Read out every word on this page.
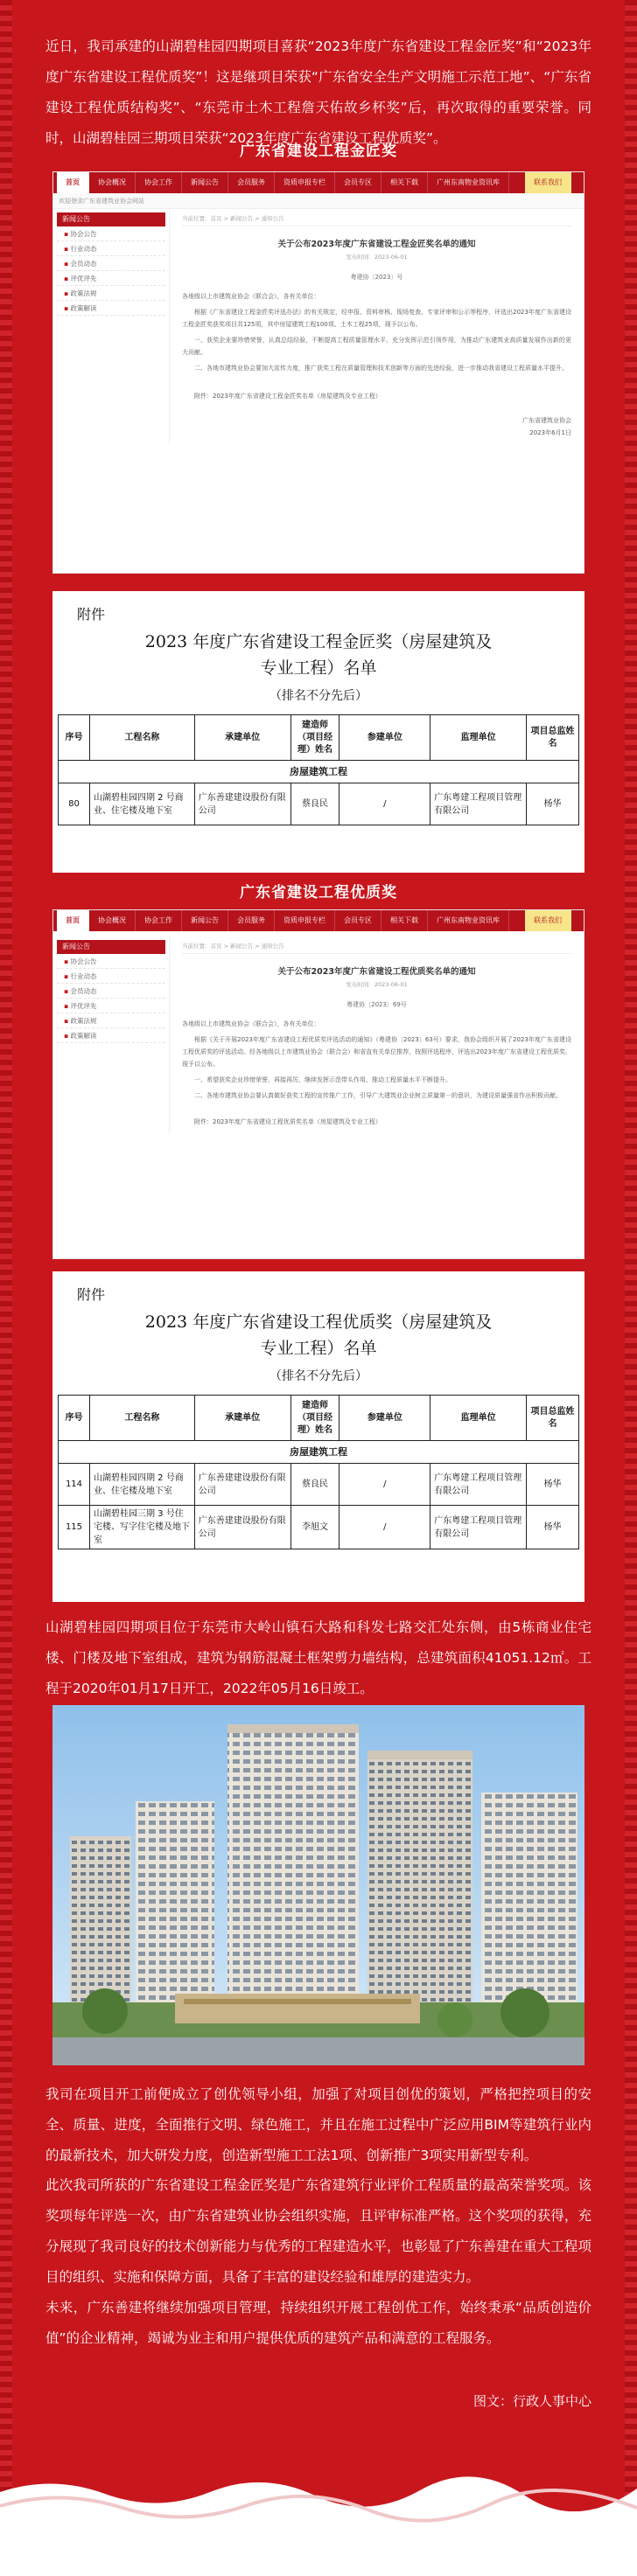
近日，我司承建的山湖碧桂园四期项目喜获“2023年度广东省建设工程金匠奖”和“2023年度广东省建设工程优质奖”！这是继项目荣获“广东省安全生产文明施工示范工地”、“广东省建设工程优质结构奖”、“东莞市土木工程詹天佑故乡杯奖”后，再次取得的重要荣誉。同时，山湖碧桂园三期项目荣获“2023年度广东省建设工程优质奖”。

广东省建设工程金匠奖
首页	协会概况	协会工作	新闻公告	会员服务	资质申报专栏	会员专区	相关下载	广州东南物业资讯库	联系我们
欢迎登录广东省建筑业协会网站
新闻公告
▪ 协会公告
▪ 行业动态
▪ 会员动态
▪ 评优评先
▪ 政策法规
▪ 政策解读
当前位置：首页 > 新闻公告 > 通知公告
关于公布2023年度广东省建设工程金匠奖名单的通知
发布时间：2023-06-01
粤建协〔2023〕号

各地级以上市建筑业协会（联合会），各有关单位：

根据《广东省建设工程金匠奖评选办法》的有关规定，经申报、资料审核、现场复查、专家评审和公示等程序，评选出2023年度广东省建设工程金匠奖获奖项目共125项，其中房屋建筑工程100项、土木工程25项，现予以公布。

一、获奖企业要珍惜荣誉，认真总结经验，不断提高工程质量管理水平，充分发挥示范引领作用，为推动广东建筑业高质量发展作出新的更大贡献。

二、各地市建筑业协会要加大宣传力度，推广获奖工程在质量管理和技术创新等方面的先进经验，进一步推动我省建设工程质量水平提升。

附件：2023年度广东省建设工程金匠奖名单（房屋建筑及专业工程）

广东省建筑业协会
2023年6月1日
附件
2023 年度广东省建设工程金匠奖（房屋建筑及
专业工程）名单
（排名不分先后）
序号	工程名称	承建单位	建造师（项目经理）姓名	参建单位	监理单位	项目总监姓名
房屋建筑工程						
80	山湖碧桂园四期 2 号商业、住宅楼及地下室	广东善建建设股份有限公司	蔡良民	/	广东粤建工程项目管理有限公司	杨华
广东省建设工程优质奖
首页	协会概况	协会工作	新闻公告	会员服务	资质申报专栏	会员专区	相关下载	广州东南物业资讯库	联系我们
新闻公告
▪ 协会公告
▪ 行业动态
▪ 会员动态
▪ 评优评先
▪ 政策法规
▪ 政策解读
当前位置：首页 > 新闻公告 > 通知公告
关于公布2023年度广东省建设工程优质奖名单的通知
发布时间：2023-06-01
粤建协〔2023〕69号

各地级以上市建筑业协会（联合会），各有关单位：

根据《关于开展2023年度广东省建设工程优质奖评选活动的通知》（粤建协〔2023〕63号）要求，我协会组织开展了2023年度广东省建设工程优质奖的评选活动。经各地级以上市建筑业协会（联合会）和省直有关单位推荐，按照评选程序，评选出2023年度广东省建设工程优质奖，现予以公布。

一、希望获奖企业珍惜荣誉，再接再厉，继续发挥示范带头作用，推动工程质量水平不断提升。

二、各地市建筑业协会要认真做好获奖工程的宣传推广工作，引导广大建筑业企业树立质量第一的意识，为建设质量强省作出积极贡献。

附件：2023年度广东省建设工程优质奖名单（房屋建筑及专业工程）

附件
2023 年度广东省建设工程优质奖（房屋建筑及
专业工程）名单
（排名不分先后）
序号	工程名称	承建单位	建造师（项目经理）姓名	参建单位	监理单位	项目总监姓名
房屋建筑工程						
114	山湖碧桂园四期 2 号商业、住宅楼及地下室	广东善建建设股份有限公司	蔡良民	/	广东粤建工程项目管理有限公司	杨华
115	山湖碧桂园三期 3 号住宅楼、写字住宅楼及地下室	广东善建建设股份有限公司	李旭文	/	广东粤建工程项目管理有限公司	杨华

山湖碧桂园四期项目位于东莞市大岭山镇石大路和科发七路交汇处东侧，由5栋商业住宅楼、门楼及地下室组成，建筑为钢筋混凝土框架剪力墙结构，总建筑面积41051.12㎡。工程于2020年01月17日开工，2022年05月16日竣工。

我司在项目开工前便成立了创优领导小组，加强了对项目创优的策划，严格把控项目的安全、质量、进度，全面推行文明、绿色施工，并且在施工过程中广泛应用BIM等建筑行业内的最新技术，加大研发力度，创造新型施工工法1项、创新推广3项实用新型专利。

此次我司所获的广东省建设工程金匠奖是广东省建筑行业评价工程质量的最高荣誉奖项。该奖项每年评选一次，由广东省建筑业协会组织实施，且评审标准严格。这个奖项的获得，充分展现了我司良好的技术创新能力与优秀的工程建造水平，也彰显了广东善建在重大工程项目的组织、实施和保障方面，具备了丰富的建设经验和雄厚的建造实力。

未来，广东善建将继续加强项目管理，持续组织开展工程创优工作，始终秉承“品质创造价值”的企业精神，竭诚为业主和用户提供优质的建筑产品和满意的工程服务。

图文：行政人事中心
